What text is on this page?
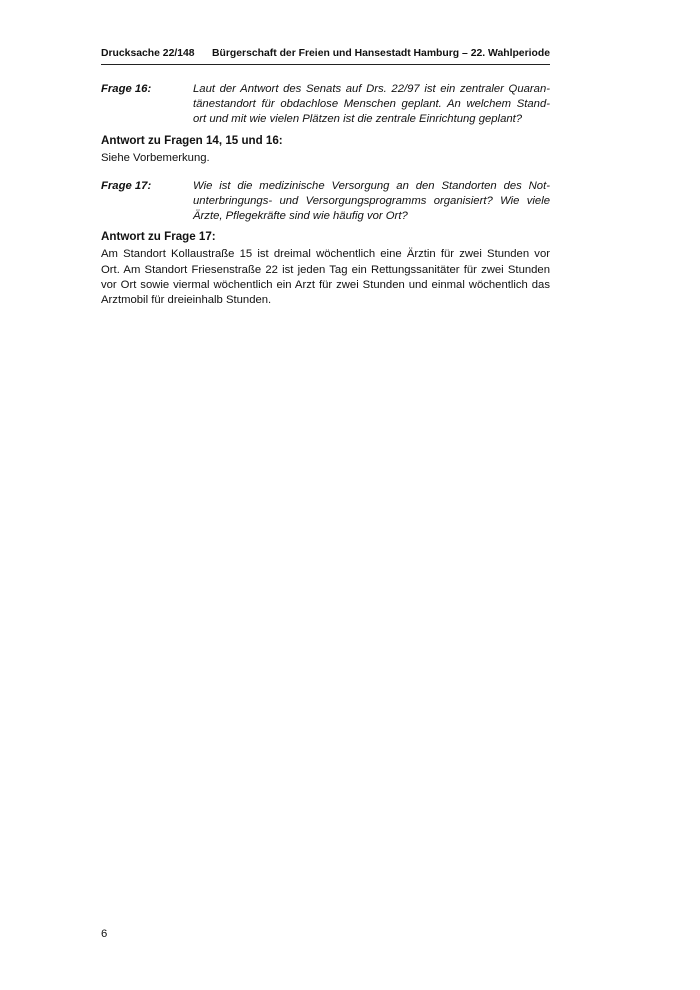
Drucksache 22/148 Bürgerschaft der Freien und Hansestadt Hamburg – 22. Wahlperiode
Frage 16:	Laut der Antwort des Senats auf Drs. 22/97 ist ein zentraler Quaran-
tänestandort für obdachlose Menschen geplant. An welchem Stand-
ort und mit wie vielen Plätzen ist die zentrale Einrichtung geplant?
Antwort zu Fragen 14, 15 und 16:
Siehe Vorbemerkung.
Frage 17:	Wie ist die medizinische Versorgung an den Standorten des Not-
unterbringungs- und Versorgungsprogramms organisiert? Wie viele
Ärzte, Pflegekräfte sind wie häufig vor Ort?
Antwort zu Frage 17:
Am Standort Kollaustraße 15 ist dreimal wöchentlich eine Ärztin für zwei Stunden vor
Ort. Am Standort Friesenstraße 22 ist jeden Tag ein Rettungssanitäter für zwei Stunden
vor Ort sowie viermal wöchentlich ein Arzt für zwei Stunden und einmal wöchentlich das
Arztmobil für dreieinhalb Stunden.
6
